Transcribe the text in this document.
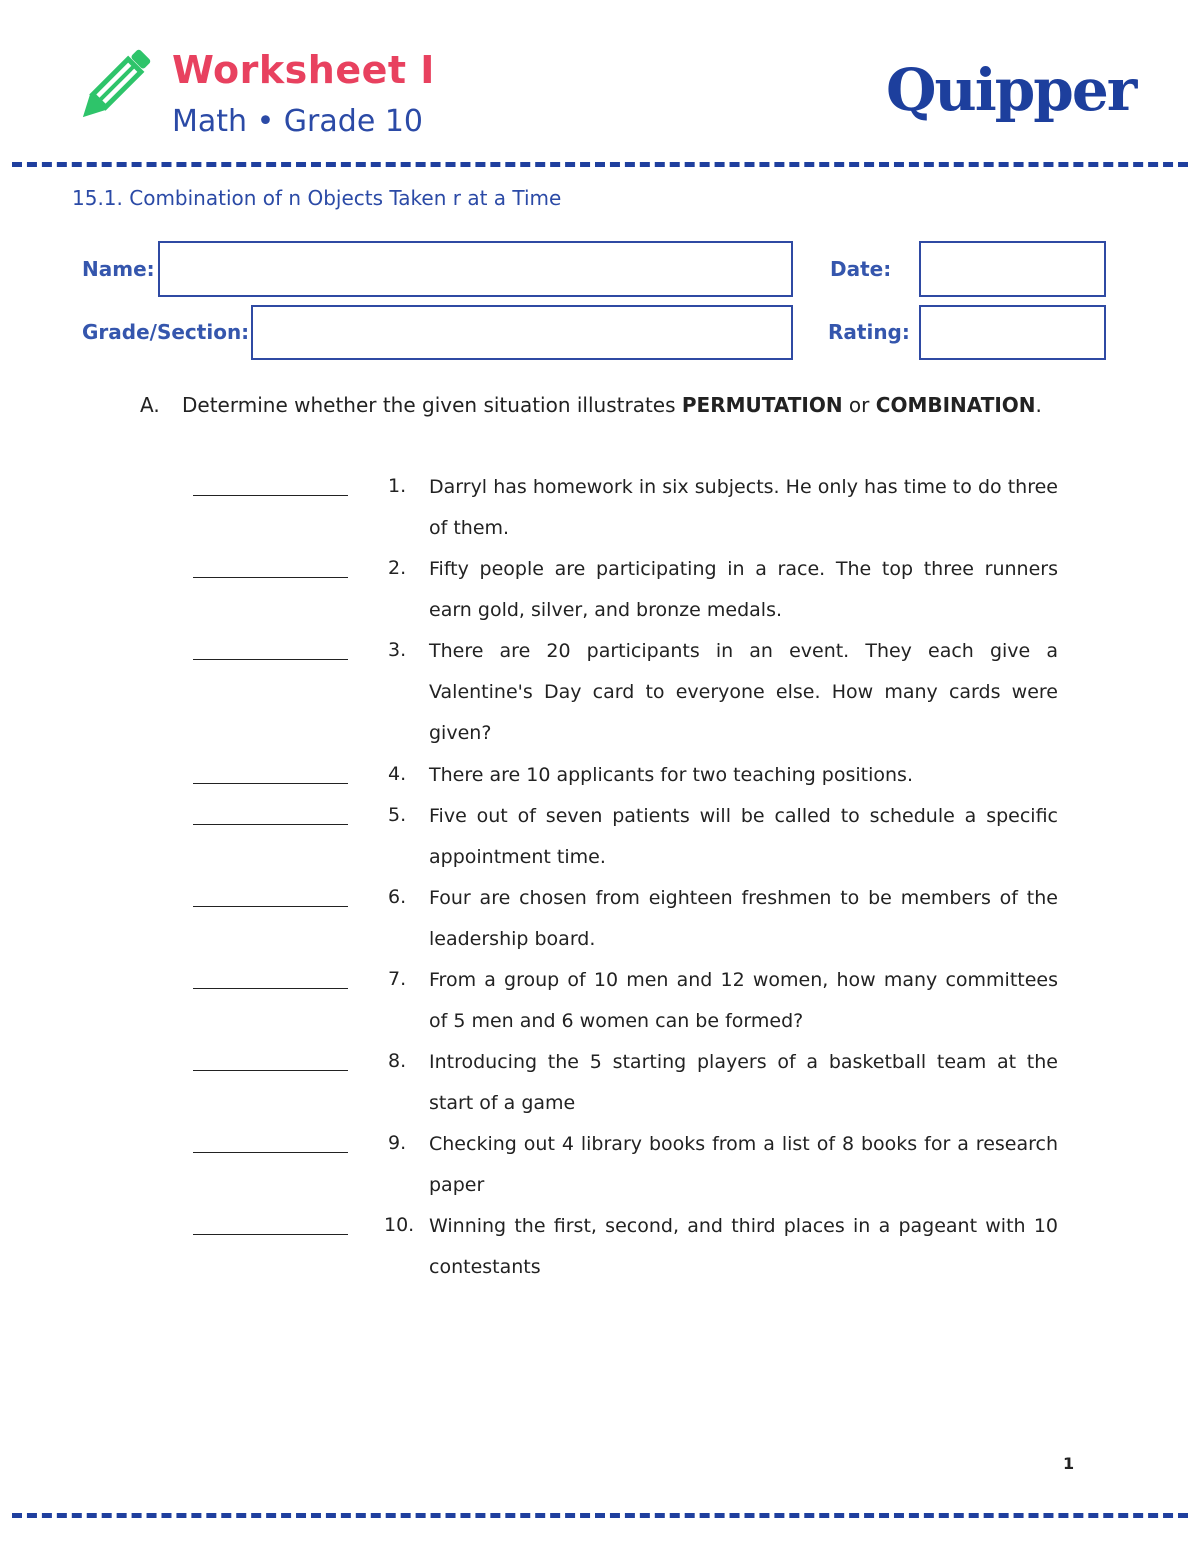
Worksheet I
Math • Grade 10	Quipper
15.1. Combination of n Objects Taken r at a Time
Name:	Date:
Grade/Section:	Rating:
A. Determine whether the given situation illustrates PERMUTATION or COMBINATION.
1. Darryl has homework in six subjects. He only has time to do three of them.
2. Fifty people are participating in a race. The top three runners earn gold, silver, and bronze medals.
3. There are 20 participants in an event. They each give a Valentine's Day card to everyone else. How many cards were given?
4. There are 10 applicants for two teaching positions.
5. Five out of seven patients will be called to schedule a specific appointment time.
6. Four are chosen from eighteen freshmen to be members of the leadership board.
7. From a group of 10 men and 12 women, how many committees of 5 men and 6 women can be formed?
8. Introducing the 5 starting players of a basketball team at the start of a game
9. Checking out 4 library books from a list of 8 books for a research paper
10. Winning the first, second, and third places in a pageant with 10 contestants
1
